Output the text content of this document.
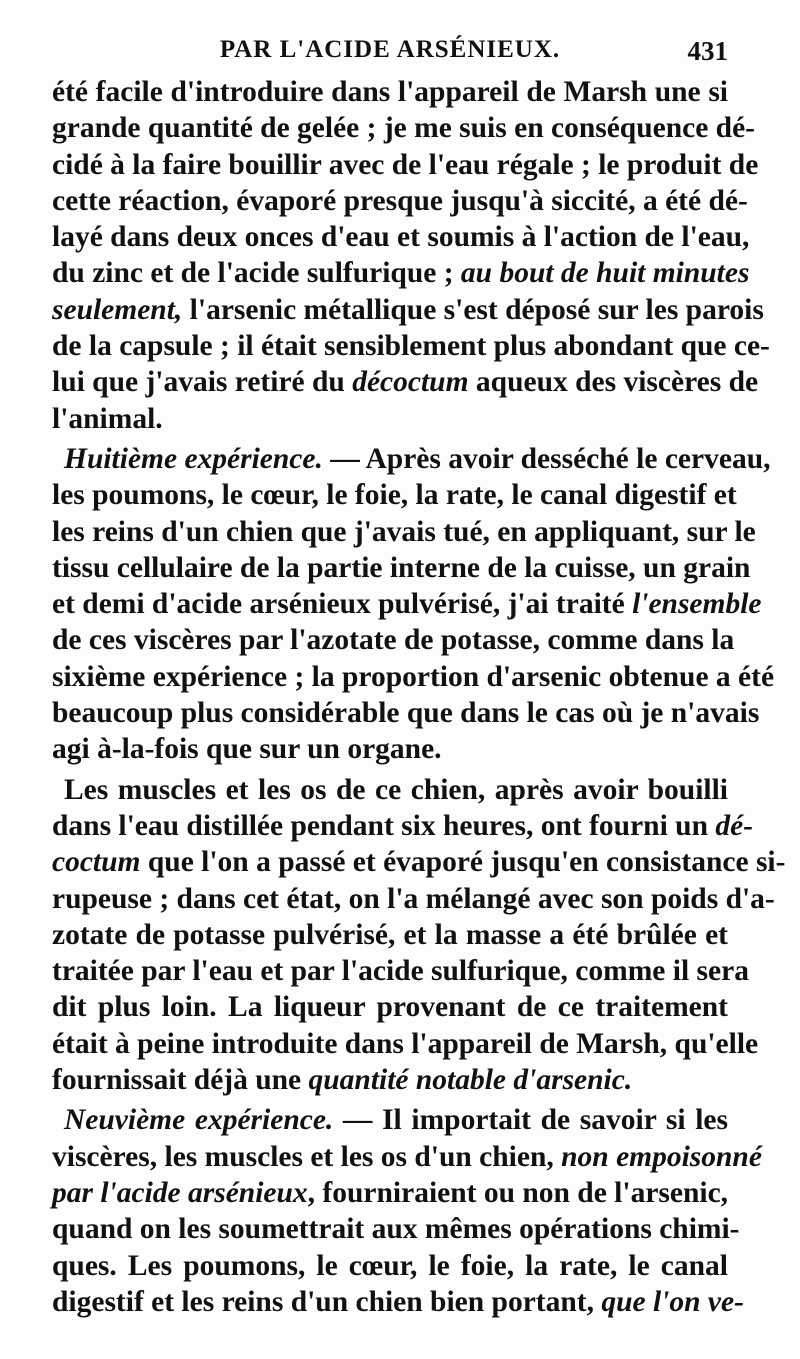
PAR L'ACIDE ARSÉNIEUX.	431
été facile d'introduire dans l'appareil de Marsh une si
grande quantité de gelée ; je me suis en conséquence dé-
cidé à la faire bouillir avec de l'eau régale ; le produit de
cette réaction, évaporé presque jusqu'à siccité, a été dé-
layé dans deux onces d'eau et soumis à l'action de l'eau,
du zinc et de l'acide sulfurique ; au bout de huit minutes
seulement, l'arsenic métallique s'est déposé sur les parois
de la capsule ; il était sensiblement plus abondant que ce-
lui que j'avais retiré du décoctum aqueux des viscères de
l'animal.
Huitième expérience. — Après avoir desséché le cerveau,
les poumons, le cœur, le foie, la rate, le canal digestif et
les reins d'un chien que j'avais tué, en appliquant, sur le
tissu cellulaire de la partie interne de la cuisse, un grain
et demi d'acide arsénieux pulvérisé, j'ai traité l'ensemble
de ces viscères par l'azotate de potasse, comme dans la
sixième expérience ; la proportion d'arsenic obtenue a été
beaucoup plus considérable que dans le cas où je n'avais
agi à-la-fois que sur un organe.
Les muscles et les os de ce chien, après avoir bouilli
dans l'eau distillée pendant six heures, ont fourni un dé-
coctum que l'on a passé et évaporé jusqu'en consistance si-
rupeuse ; dans cet état, on l'a mélangé avec son poids d'a-
zotate de potasse pulvérisé, et la masse a été brûlée et
traitée par l'eau et par l'acide sulfurique, comme il sera
dit plus loin. La liqueur provenant de ce traitement
était à peine introduite dans l'appareil de Marsh, qu'elle
fournissait déjà une quantité notable d'arsenic.
Neuvième expérience. — Il importait de savoir si les
viscères, les muscles et les os d'un chien, non empoisonné
par l'acide arsénieux, fourniraient ou non de l'arsenic,
quand on les soumettrait aux mêmes opérations chimi-
ques. Les poumons, le cœur, le foie, la rate, le canal
digestif et les reins d'un chien bien portant, que l'on ve-
